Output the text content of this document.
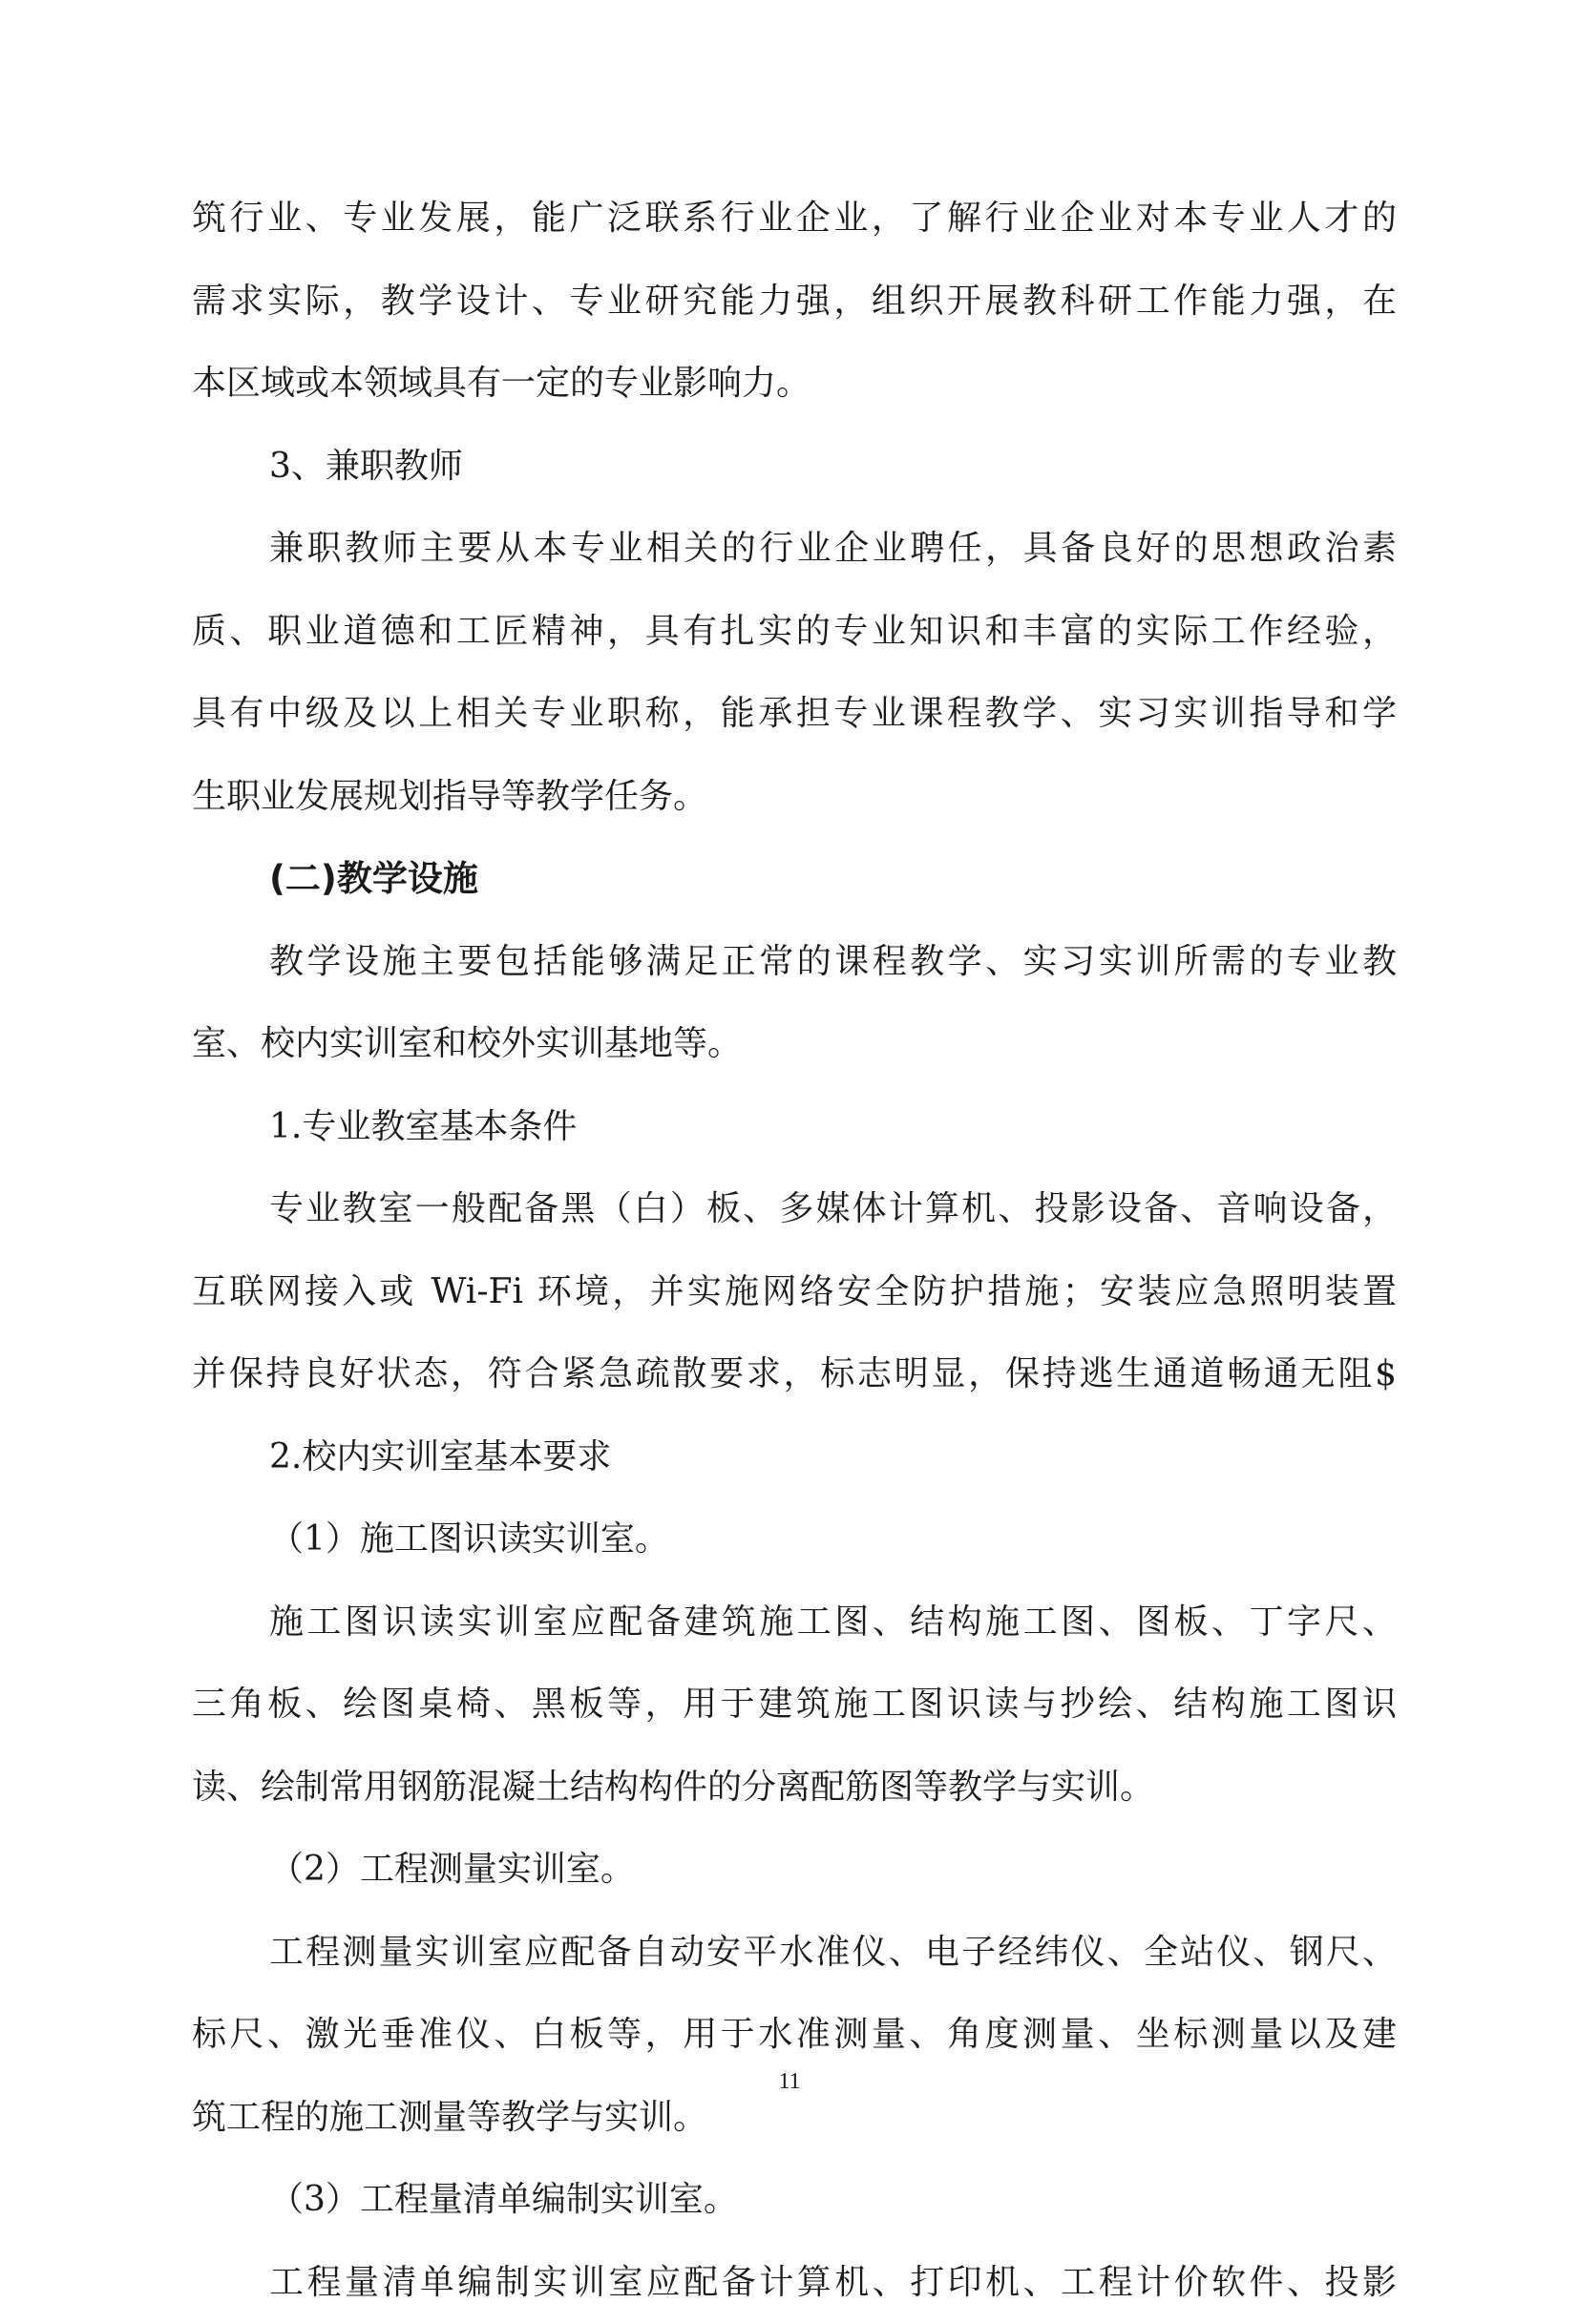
筑行业、专业发展，能广泛联系行业企业，了解行业企业对本专业人才的
需求实际，教学设计、专业研究能力强，组织开展教科研工作能力强，在
本区域或本领域具有一定的专业影响力。
3、兼职教师
兼职教师主要从本专业相关的行业企业聘任，具备良好的思想政治素
质、职业道德和工匠精神，具有扎实的专业知识和丰富的实际工作经验，
具有中级及以上相关专业职称，能承担专业课程教学、实习实训指导和学
生职业发展规划指导等教学任务。
(二)教学设施
教学设施主要包括能够满足正常的课程教学、实习实训所需的专业教
室、校内实训室和校外实训基地等。
1.专业教室基本条件
专业教室一般配备黑（白）板、多媒体计算机、投影设备、音响设备，
互联网接入或 Wi-Fi 环境，并实施网络安全防护措施；安装应急照明装置
并保持良好状态，符合紧急疏散要求，标志明显，保持逃生通道畅通无阻$
2.校内实训室基本要求
（1）施工图识读实训室。
施工图识读实训室应配备建筑施工图、结构施工图、图板、丁字尺、
三角板、绘图桌椅、黑板等，用于建筑施工图识读与抄绘、结构施工图识
读、绘制常用钢筋混凝土结构构件的分离配筋图等教学与实训。
（2）工程测量实训室。
工程测量实训室应配备自动安平水准仪、电子经纬仪、全站仪、钢尺、
标尺、激光垂准仪、白板等，用于水准测量、角度测量、坐标测量以及建
筑工程的施工测量等教学与实训。
（3）工程量清单编制实训室。
工程量清单编制实训室应配备计算机、打印机、工程计价软件、投影
11
